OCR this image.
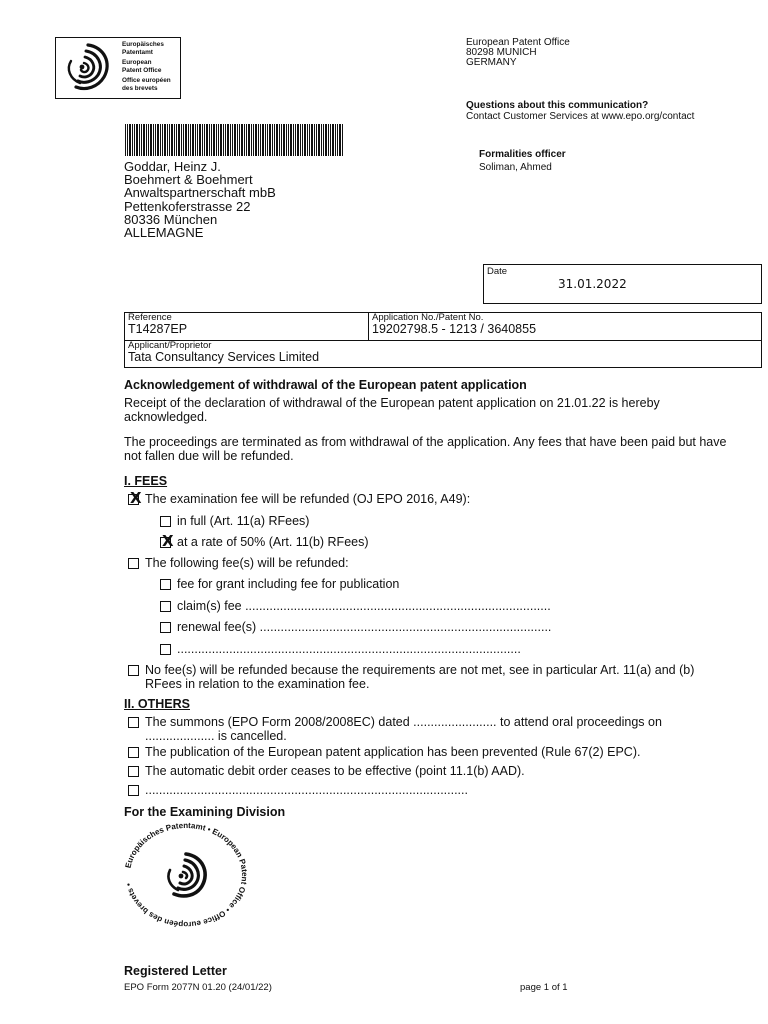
Europäisches
Patentamt
European
Patent Office
Office européen
des brevets
European Patent Office
80298 MUNICH
GERMANY
Questions about this communication?
Contact Customer Services at www.epo.org/contact
Formalities officer
Soliman, Ahmed
Goddar, Heinz J.
Boehmert & Boehmert
Anwaltspartnerschaft mbB
Pettenkoferstrasse 22
80336 München
ALLEMAGNE
Date
31.01.2022
Reference
T14287EP
Application No./Patent No.
19202798.5 - 1213 / 3640855
Applicant/Proprietor
Tata Consultancy Services Limited
Acknowledgement of withdrawal of the European patent application
Receipt of the declaration of withdrawal of the European patent application on 21.01.22 is hereby acknowledged.
The proceedings are terminated as from withdrawal of the application. Any fees that have been paid but have not fallen due will be refunded.
I. FEES
X The examination fee will be refunded (OJ EPO 2016, A49):
in full (Art. 11(a) RFees)
X at a rate of 50% (Art. 11(b) RFees)
The following fee(s) will be refunded:
fee for grant including fee for publication
claim(s) fee ........................................................................................
renewal fee(s) ....................................................................................
...................................................................................................
No fee(s) will be refunded because the requirements are not met, see in particular Art. 11(a) and (b) RFees in relation to the examination fee.
II. OTHERS
The summons (EPO Form 2008/2008EC) dated ........................ to attend oral proceedings on .................... is cancelled.
The publication of the European patent application has been prevented (Rule 67(2) EPC).
The automatic debit order ceases to be effective (point 11.1(b) AAD).
.............................................................................................
For the Examining Division
Europäisches Patentamt • European Patent Office • Office européen des brevets •
Registered Letter
EPO Form 2077N 01.20 (24/01/22)	page 1 of 1
